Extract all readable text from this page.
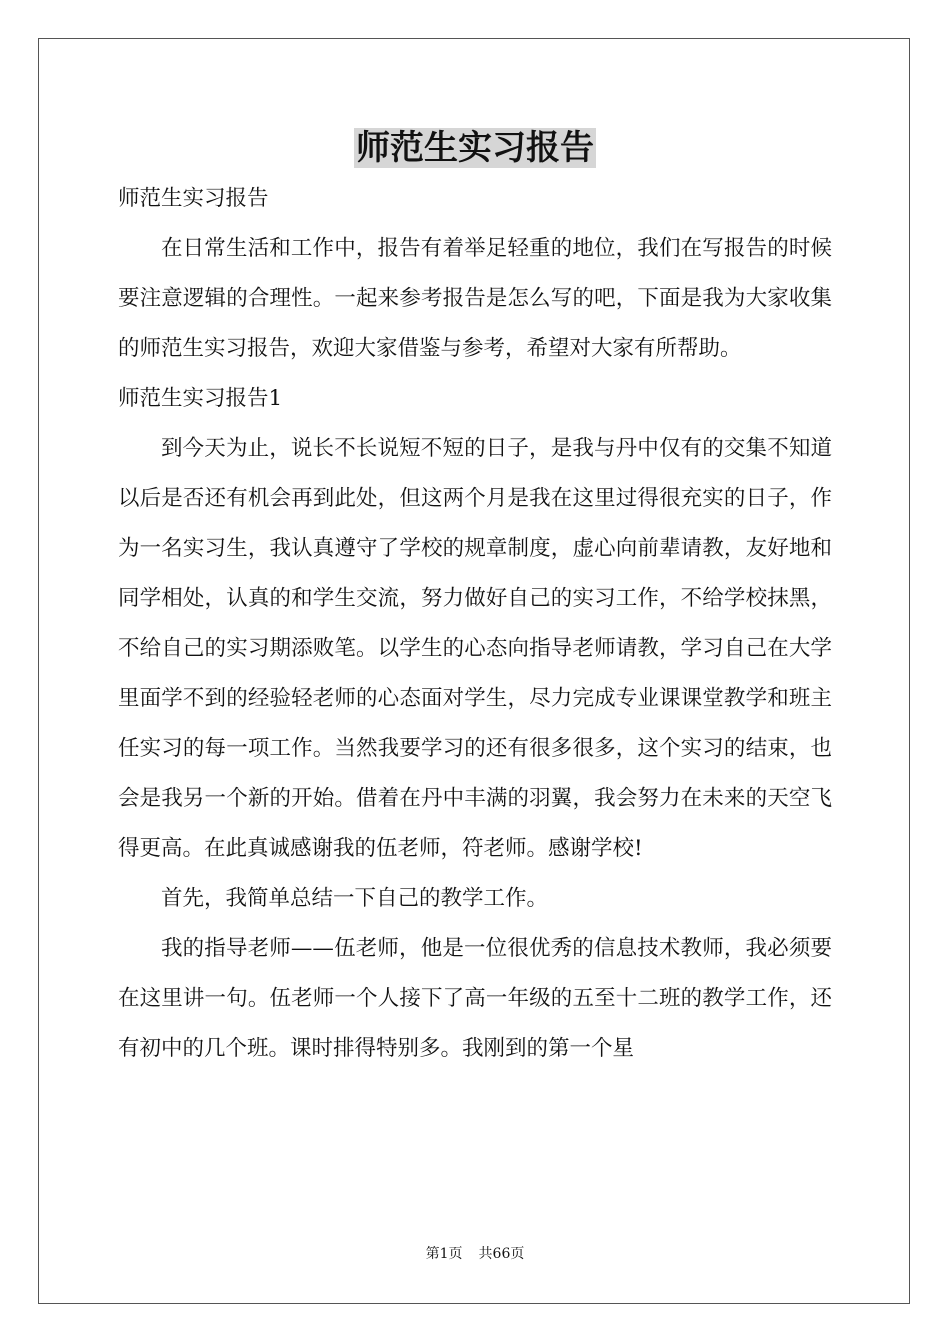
师范生实习报告

师范生实习报告

在日常生活和工作中，报告有着举足轻重的地位，我们在写报告的时候要注意逻辑的合理性。一起来参考报告是怎么写的吧，下面是我为大家收集的师范生实习报告，欢迎大家借鉴与参考，希望对大家有所帮助。

师范生实习报告1

到今天为止，说长不长说短不短的日子，是我与丹中仅有的交集不知道以后是否还有机会再到此处，但这两个月是我在这里过得很充实的日子，作为一名实习生，我认真遵守了学校的规章制度，虚心向前辈请教，友好地和同学相处，认真的和学生交流，努力做好自己的实习工作，不给学校抹黑，不给自己的实习期添败笔。以学生的心态向指导老师请教，学习自己在大学里面学不到的经验轻老师的心态面对学生，尽力完成专业课课堂教学和班主任实习的每一项工作。当然我要学习的还有很多很多，这个实习的结束，也会是我另一个新的开始。借着在丹中丰满的羽翼，我会努力在未来的天空飞得更高。在此真诚感谢我的伍老师，符老师。感谢学校!

首先，我简单总结一下自己的教学工作。

我的指导老师——伍老师，他是一位很优秀的信息技术教师，我必须要在这里讲一句。伍老师一个人接下了高一年级的五至十二班的教学工作，还有初中的几个班。课时排得特别多。我刚到的第一个星

第1页 共66页
